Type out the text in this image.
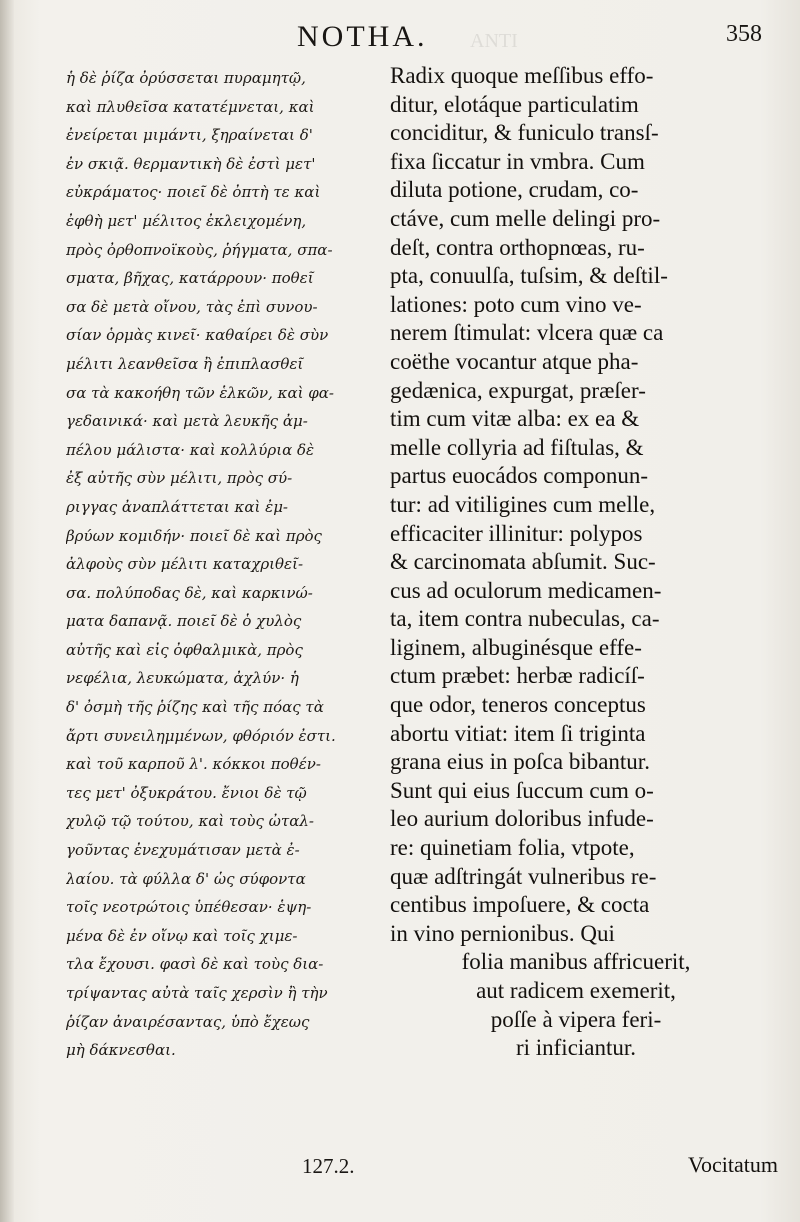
ΑΝΤΙ
NOTHA.	358
ἡ δὲ ῥίζα ὀρύσσεται πυραμητῷ,
καὶ πλυθεῖσα κατατέμνεται, καὶ
ἐνείρεται μιμάντι, ξηραίνεται δ'
ἐν σκιᾷ. θερμαντικὴ δὲ ἐστὶ μετ'
εὐκράματος· ποιεῖ δὲ ὀπτὴ τε καὶ
ἐφθὴ μετ' μέλιτος ἐκλειχομένη,
πρὸς ὀρθοπνοϊκοὺς, ῥήγματα, σπα-
σματα, βῆχας, κατάρρουν· ποθεῖ
σα δὲ μετὰ οἴνου, τὰς ἐπὶ συνου-
σίαν ὁρμὰς κινεῖ· καθαίρει δὲ σὺν
μέλιτι λεανθεῖσα ἢ ἐπιπλασθεῖ
σα τὰ κακοήθη τῶν ἑλκῶν, καὶ φα-
γεδαινικά· καὶ μετὰ λευκῆς ἀμ-
πέλου μάλιστα· καὶ κολλύρια δὲ
ἐξ αὐτῆς σὺν μέλιτι, πρὸς σύ-
ριγγας ἀναπλάττεται καὶ ἐμ-
βρύων κομιδήν· ποιεῖ δὲ καὶ πρὸς
ἀλφοὺς σὺν μέλιτι καταχριθεῖ-
σα. πολύποδας δὲ, καὶ καρκινώ-
ματα δαπανᾷ. ποιεῖ δὲ ὁ χυλὸς
αὐτῆς καὶ εἰς ὀφθαλμικὰ, πρὸς
νεφέλια, λευκώματα, ἀχλύν· ἡ
δ' ὀσμὴ τῆς ῥίζης καὶ τῆς πόας τὰ
ἄρτι συνειλημμένων, φθόριόν ἐστι.
καὶ τοῦ καρποῦ λ'. κόκκοι ποθέν-
τες μετ' ὀξυκράτου. ἔνιοι δὲ τῷ
χυλῷ τῷ τούτου, καὶ τοὺς ὠταλ-
γοῦντας ἐνεχυμάτισαν μετὰ ἐ-
λαίου. τὰ φύλλα δ' ὡς σύφοντα
τοῖς νεοτρώτοις ὑπέθεσαν· ἑψη-
μένα δὲ ἐν οἴνῳ καὶ τοῖς χιμε-
τλα ἔχουσι. φασὶ δὲ καὶ τοὺς δια-
τρίψαντας αὐτὰ ταῖς χερσὶν ἢ τὴν
ῥίζαν ἀναιρέσαντας, ὑπὸ ἔχεως
μὴ δάκνεσθαι.
Radix quoque meſſibus effo-
ditur, elotáque particulatim
conciditur, & funiculo transſ-
fixa ſiccatur in vmbra. Cum
diluta potione, crudam, co-
ctáve, cum melle delingi pro-
deſt, contra orthopnœas, ru-
pta, conuulſa, tuſsim, & deſtil-
lationes: poto cum vino ve-
nerem ſtimulat: vlcera quæ ca
coëthe vocantur atque pha-
gedænica, expurgat, præſer-
tim cum vitæ alba: ex ea &
melle collyria ad fiſtulas, &
partus euocádos componun-
tur: ad vitiligines cum melle,
efficaciter illinitur: polypos
& carcinomata abſumit. Suc-
cus ad oculorum medicamen-
ta, item contra nubeculas, ca-
liginem, albuginésque effe-
ctum præbet: herbæ radicíſ-
que odor, teneros conceptus
abortu vitiat: item ſi triginta
grana eius in poſca bibantur.
Sunt qui eius ſuccum cum o-
leo aurium doloribus infude-
re: quinetiam folia, vtpote,
quæ adſtringát vulneribus re-
centibus impoſuere, & cocta
in vino pernionibus. Qui
folia manibus affricuerit,
aut radicem exemerit,
poſſe à vipera feri-
ri inficiantur.
127.2.	Vocitatum
